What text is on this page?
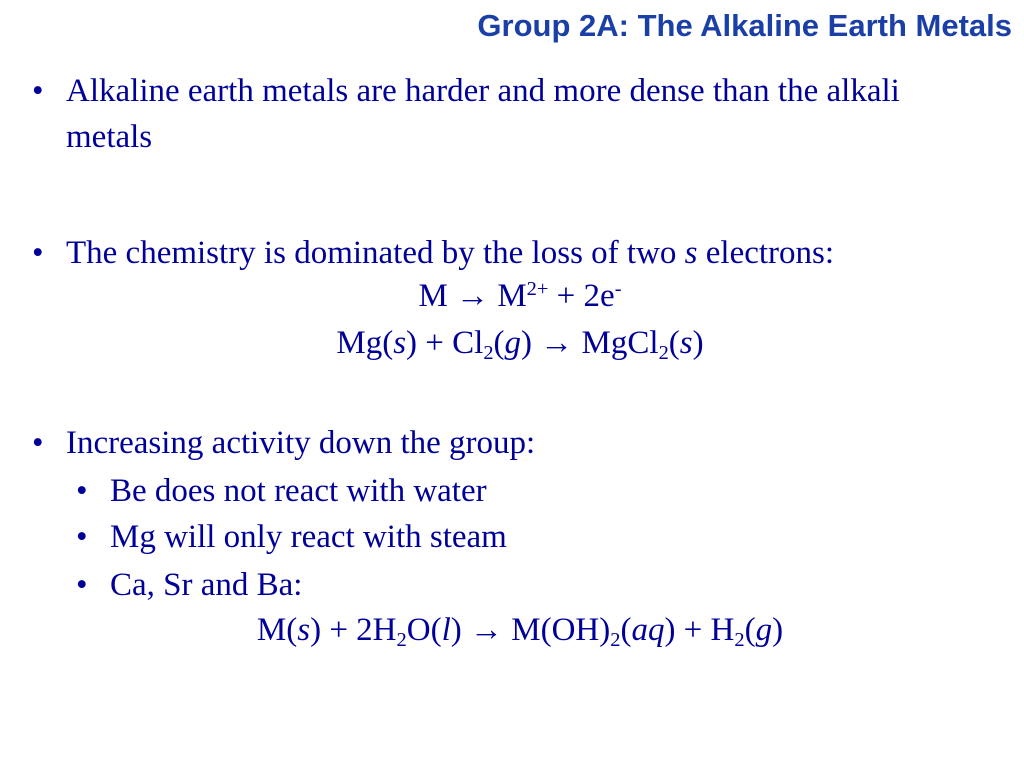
Group 2A: The Alkaline Earth Metals
• Alkaline earth metals are harder and more dense than the alkali metals
• The chemistry is dominated by the loss of two s electrons:
$M \to M^{2+} + 2e^-$
$Mg(s) + Cl_2(g)$ → MgCl$_2$(s)
• Increasing activity down the group:
• Be does not react with water
• Mg will only react with steam
• Ca, Sr and Ba:
$M(s) + 2H_2O(l) \to M(OH)_2(aq) + H_2(g)$
